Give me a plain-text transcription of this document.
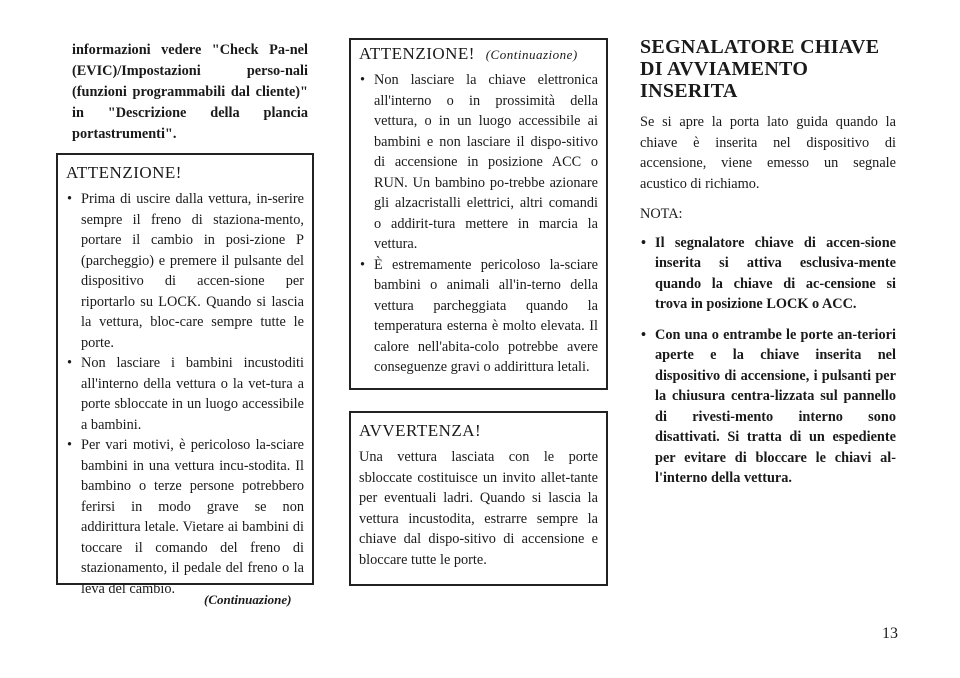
informazioni vedere "Check Pa-nel (EVIC)/Impostazioni perso-nali (funzioni programmabili dal cliente)" in "Descrizione della plancia portastrumenti".

ATTENZIONE!
• Prima di uscire dalla vettura, in-serire sempre il freno di staziona-mento, portare il cambio in posi-zione P (parcheggio) e premere il pulsante del dispositivo di accen-sione per riportarlo su LOCK. Quando si lascia la vettura, bloc-care sempre tutte le porte.
• Non lasciare i bambini incustoditi all'interno della vettura o la vet-tura a porte sbloccate in un luogo accessibile a bambini.
• Per vari motivi, è pericoloso la-sciare bambini in una vettura incu-stodita. Il bambino o terze persone potrebbero ferirsi in modo grave se non addirittura letale. Vietare ai bambini di toccare il comando del freno di stazionamento, il pedale del freno o la leva del cambio.
(Continuazione)
ATTENZIONE! (Continuazione)
• Non lasciare la chiave elettronica all'interno o in prossimità della vettura, o in un luogo accessibile ai bambini e non lasciare il dispo-sitivo di accensione in posizione ACC o RUN. Un bambino po-trebbe azionare gli alzacristalli elettrici, altri comandi o addirit-tura mettere in marcia la vettura.
• È estremamente pericoloso la-sciare bambini o animali all'in-terno della vettura parcheggiata quando la temperatura esterna è molto elevata. Il calore nell'abita-colo potrebbe avere conseguenze gravi o addirittura letali.
AVVERTENZA!

Una vettura lasciata con le porte sbloccate costituisce un invito allet-tante per eventuali ladri. Quando si lascia la vettura incustodita, estrarre sempre la chiave dal dispo-sitivo di accensione e bloccare tutte le porte.

SEGNALATORE CHIAVE DI AVVIAMENTO INSERITA

Se si apre la porta lato guida quando la chiave è inserita nel dispositivo di accensione, viene emesso un segnale acustico di richiamo.

NOTA:

• Il segnalatore chiave di accen-sione inserita si attiva esclusiva-mente quando la chiave di ac-censione si trova in posizione LOCK o ACC.
• Con una o entrambe le porte an-teriori aperte e la chiave inserita nel dispositivo di accensione, i pulsanti per la chiusura centra-lizzata sul pannello di rivesti-mento interno sono disattivati. Si tratta di un espediente per evitare di bloccare le chiavi al-l'interno della vettura.
13
